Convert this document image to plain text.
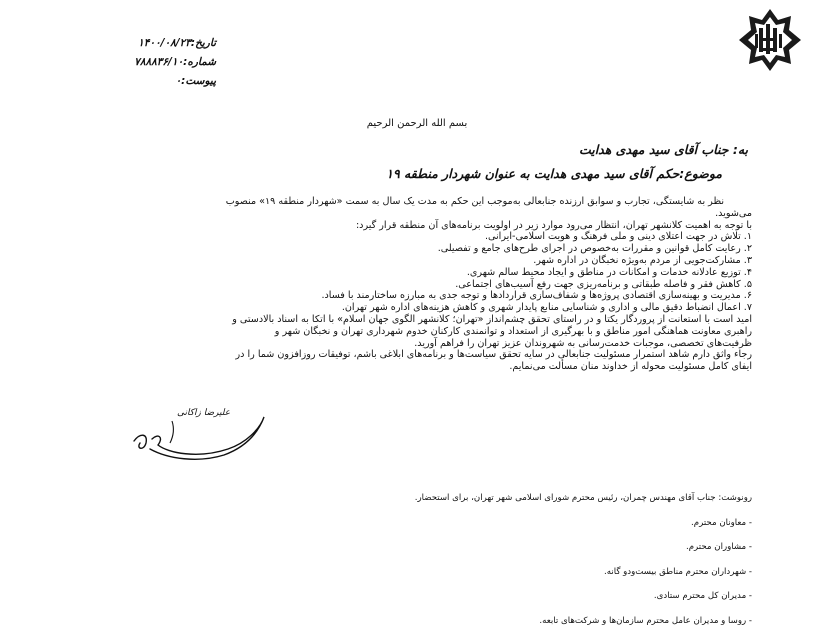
تاریخ:۱۴۰۰/۰۸/۲۳
شماره:۷۸۸۸۳۶/۱۰
پیوست:۰
بسم الله الرحمن الرحیم
به: جناب آقای سید مهدی هدایت
موضوع:حکم آقای سید مهدی هدایت به عنوان شهردار منطقه ۱۹

نظر به شایستگی، تجارب و سوابق ارزنده جنابعالی به‌موجب این حکم به مدت یک سال به سمت «شهردار منطقه ۱۹» منصوب

می‌شوید.

با توجه به اهمیت کلانشهر تهران، انتظار می‌رود موارد زیر در اولویت برنامه‌های آن منطقه قرار گیرد:

۱. تلاش در جهت اعتلای دینی و ملی فرهنگ و هویت اسلامی-ایرانی.

۲. رعایت کامل قوانین و مقررات به‌خصوص در اجرای طرح‌های جامع و تفصیلی.

۳. مشارکت‌جویی از مردم به‌ویژه نخبگان در اداره شهر.

۴. توزیع عادلانه خدمات و امکانات در مناطق و ایجاد محیط سالم شهری.

۵. کاهش فقر و فاصله طبقاتی و برنامه‌ریزی جهت رفع آسیب‌های اجتماعی.

۶. مدیریت و بهینه‌سازی اقتصادی پروژه‌ها و شفاف‌سازی قراردادها و توجه جدی به مبارزه ساختارمند با فساد.

۷. اعمال انضباط دقیق مالی و اداری و شناسایی منابع پایدار شهری و کاهش هزینه‌های اداره شهر تهران.

امید است با استعانت از پروردگار یکتا و در راستای تحقق چشم‌انداز «تهران؛ کلانشهر الگوی جهان اسلام» با اتکا به اسناد بالادستی و

راهبری معاونت هماهنگی امور مناطق و با بهرگیری از استعداد و توانمندی کارکنان خدوم شهرداری تهران و نخبگان شهر و

ظرفیت‌های تخصصی، موجبات خدمت‌رسانی به شهروندان عزیز تهران را فراهم آورید.

رجاء واثق دارم شاهد استمرار مسئولیت جنابعالی در سایه تحقق سیاست‌ها و برنامه‌های ابلاغی باشم، توفیقات روزافزون شما را در

ایفای کامل مسئولیت محوله از خداوند منان مسألت می‌نمایم.

علیرضا زاکانی
رونوشت: جناب آقای مهندس چمران، رئیس محترم شورای اسلامی شهر تهران، برای استحضار.
- معاونان محترم.
- مشاوران محترم.
- شهرداران محترم مناطق بیست‌ودو گانه.
- مدیران کل محترم ستادی.
- روسا و مدیران عامل محترم سازمان‌ها و شرکت‌های تابعه.
